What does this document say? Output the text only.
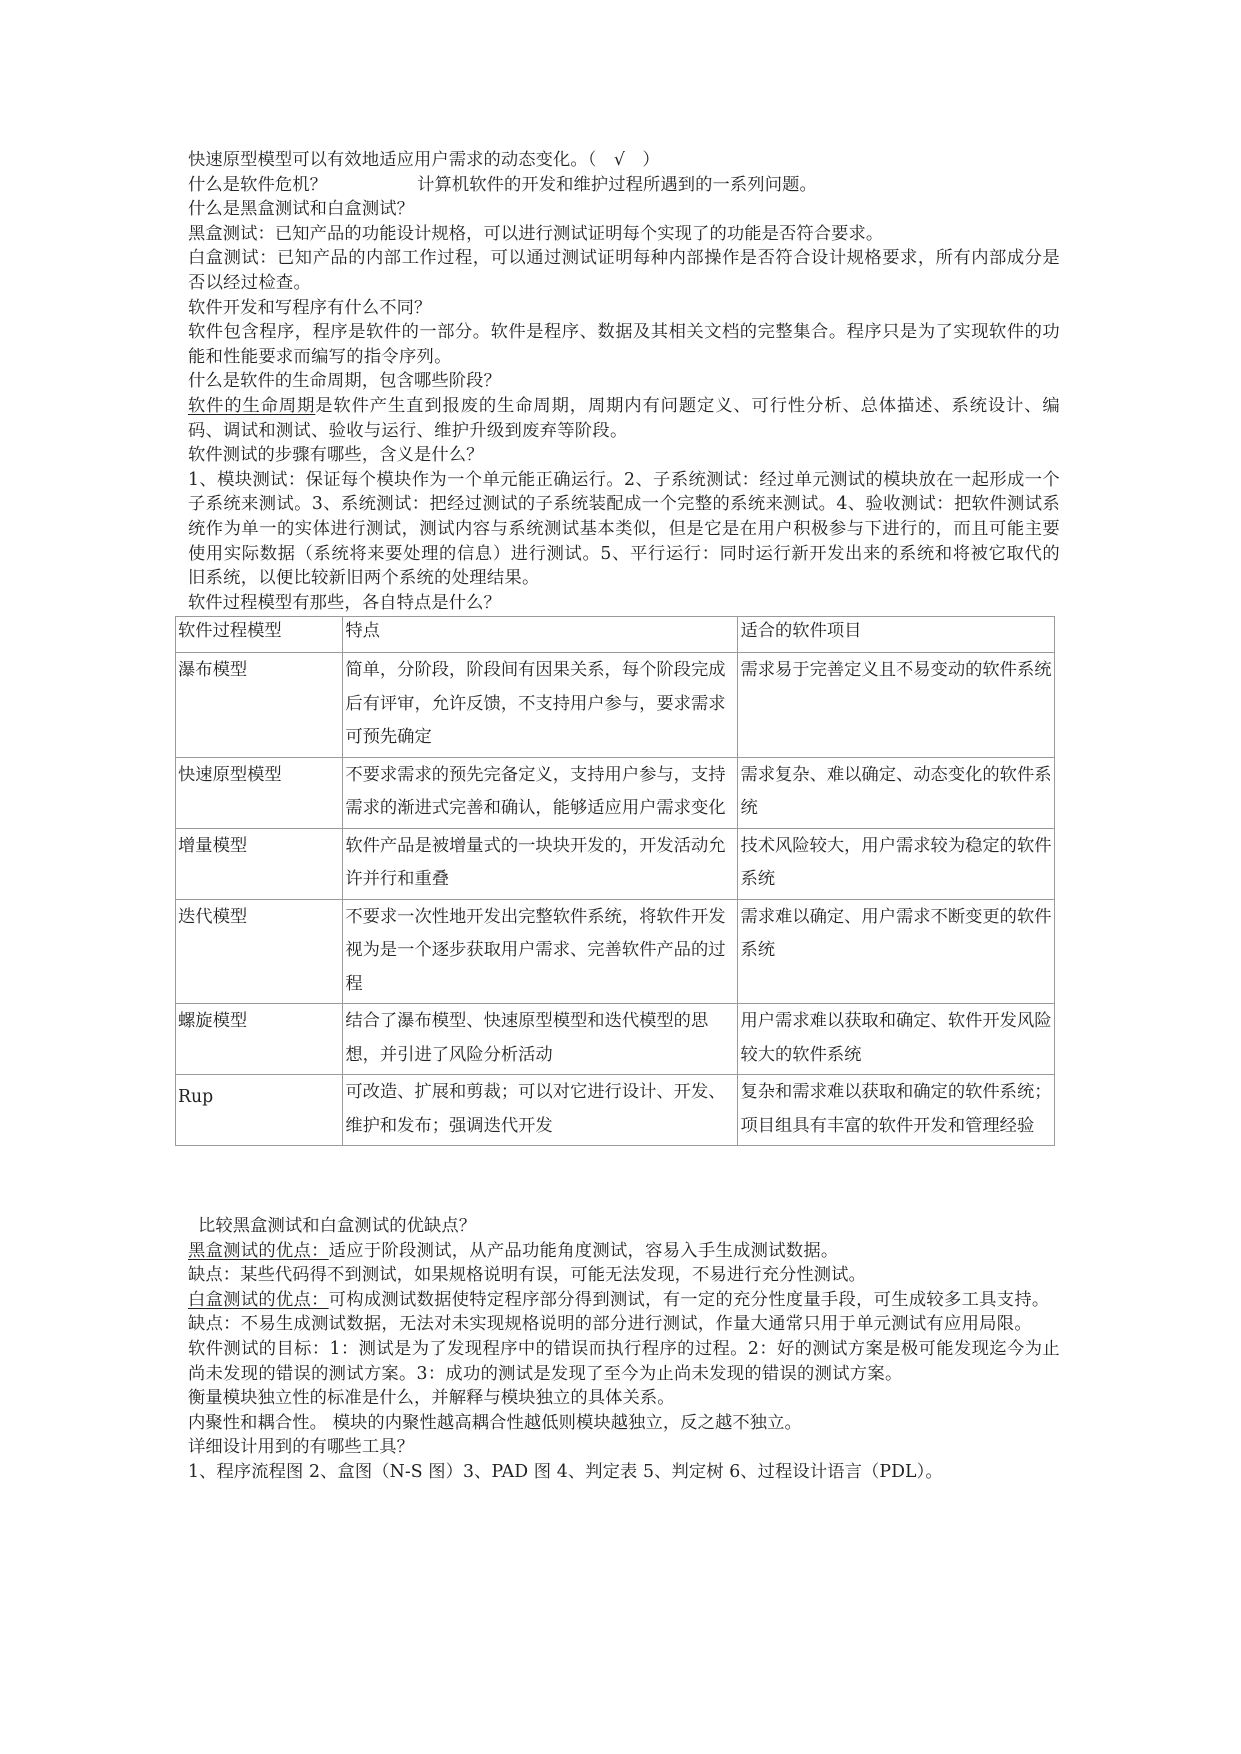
快速原型模型可以有效地适应用户需求的动态变化。（　√　）
什么是软件危机？	计算机软件的开发和维护过程所遇到的一系列问题。
什么是黑盒测试和白盒测试？
黑盒测试：已知产品的功能设计规格，可以进行测试证明每个实现了的功能是否符合要求。
白盒测试：已知产品的内部工作过程，可以通过测试证明每种内部操作是否符合设计规格要求，所有内部成分是否以经过检查。
软件开发和写程序有什么不同？
软件包含程序，程序是软件的一部分。软件是程序、数据及其相关文档的完整集合。程序只是为了实现软件的功能和性能要求而编写的指令序列。
什么是软件的生命周期，包含哪些阶段？
软件的生命周期是软件产生直到报废的生命周期，周期内有问题定义、可行性分析、总体描述、系统设计、编码、调试和测试、验收与运行、维护升级到废弃等阶段。
软件测试的步骤有哪些，含义是什么？
1、模块测试：保证每个模块作为一个单元能正确运行。2、子系统测试：经过单元测试的模块放在一起形成一个子系统来测试。3、系统测试：把经过测试的子系统装配成一个完整的系统来测试。4、验收测试：把软件测试系统作为单一的实体进行测试，测试内容与系统测试基本类似，但是它是在用户积极参与下进行的，而且可能主要使用实际数据（系统将来要处理的信息）进行测试。5、平行运行：同时运行新开发出来的系统和将被它取代的旧系统，以便比较新旧两个系统的处理结果。
软件过程模型有那些，各自特点是什么？
软件过程模型	特点	适合的软件项目
瀑布模型	简单，分阶段，阶段间有因果关系，每个阶段完成后有评审，允许反馈，不支持用户参与，要求需求可预先确定	需求易于完善定义且不易变动的软件系统
快速原型模型	不要求需求的预先完备定义，支持用户参与，支持需求的渐进式完善和确认，能够适应用户需求变化	需求复杂、难以确定、动态变化的软件系统
增量模型	软件产品是被增量式的一块块开发的，开发活动允许并行和重叠	技术风险较大，用户需求较为稳定的软件系统
迭代模型	不要求一次性地开发出完整软件系统，将软件开发视为是一个逐步获取用户需求、完善软件产品的过程	需求难以确定、用户需求不断变更的软件系统
螺旋模型	结合了瀑布模型、快速原型模型和迭代模型的思想，并引进了风险分析活动	用户需求难以获取和确定、软件开发风险较大的软件系统
Rup	可改造、扩展和剪裁；可以对它进行设计、开发、维护和发布；强调迭代开发	复杂和需求难以获取和确定的软件系统；项目组具有丰富的软件开发和管理经验
比较黑盒测试和白盒测试的优缺点？
黑盒测试的优点：适应于阶段测试，从产品功能角度测试，容易入手生成测试数据。
缺点：某些代码得不到测试，如果规格说明有误，可能无法发现，不易进行充分性测试。
白盒测试的优点：可构成测试数据使特定程序部分得到测试，有一定的充分性度量手段，可生成较多工具支持。
缺点：不易生成测试数据，无法对未实现规格说明的部分进行测试，作量大通常只用于单元测试有应用局限。
软件测试的目标：1：测试是为了发现程序中的错误而执行程序的过程。2：好的测试方案是极可能发现迄今为止尚未发现的错误的测试方案。3：成功的测试是发现了至今为止尚未发现的错误的测试方案。
衡量模块独立性的标准是什么，并解释与模块独立的具体关系。
内聚性和耦合性。 模块的内聚性越高耦合性越低则模块越独立，反之越不独立。
详细设计用到的有哪些工具？
1、程序流程图 2、盒图（N-S 图）3、PAD 图 4、判定表 5、判定树 6、过程设计语言（PDL）。
